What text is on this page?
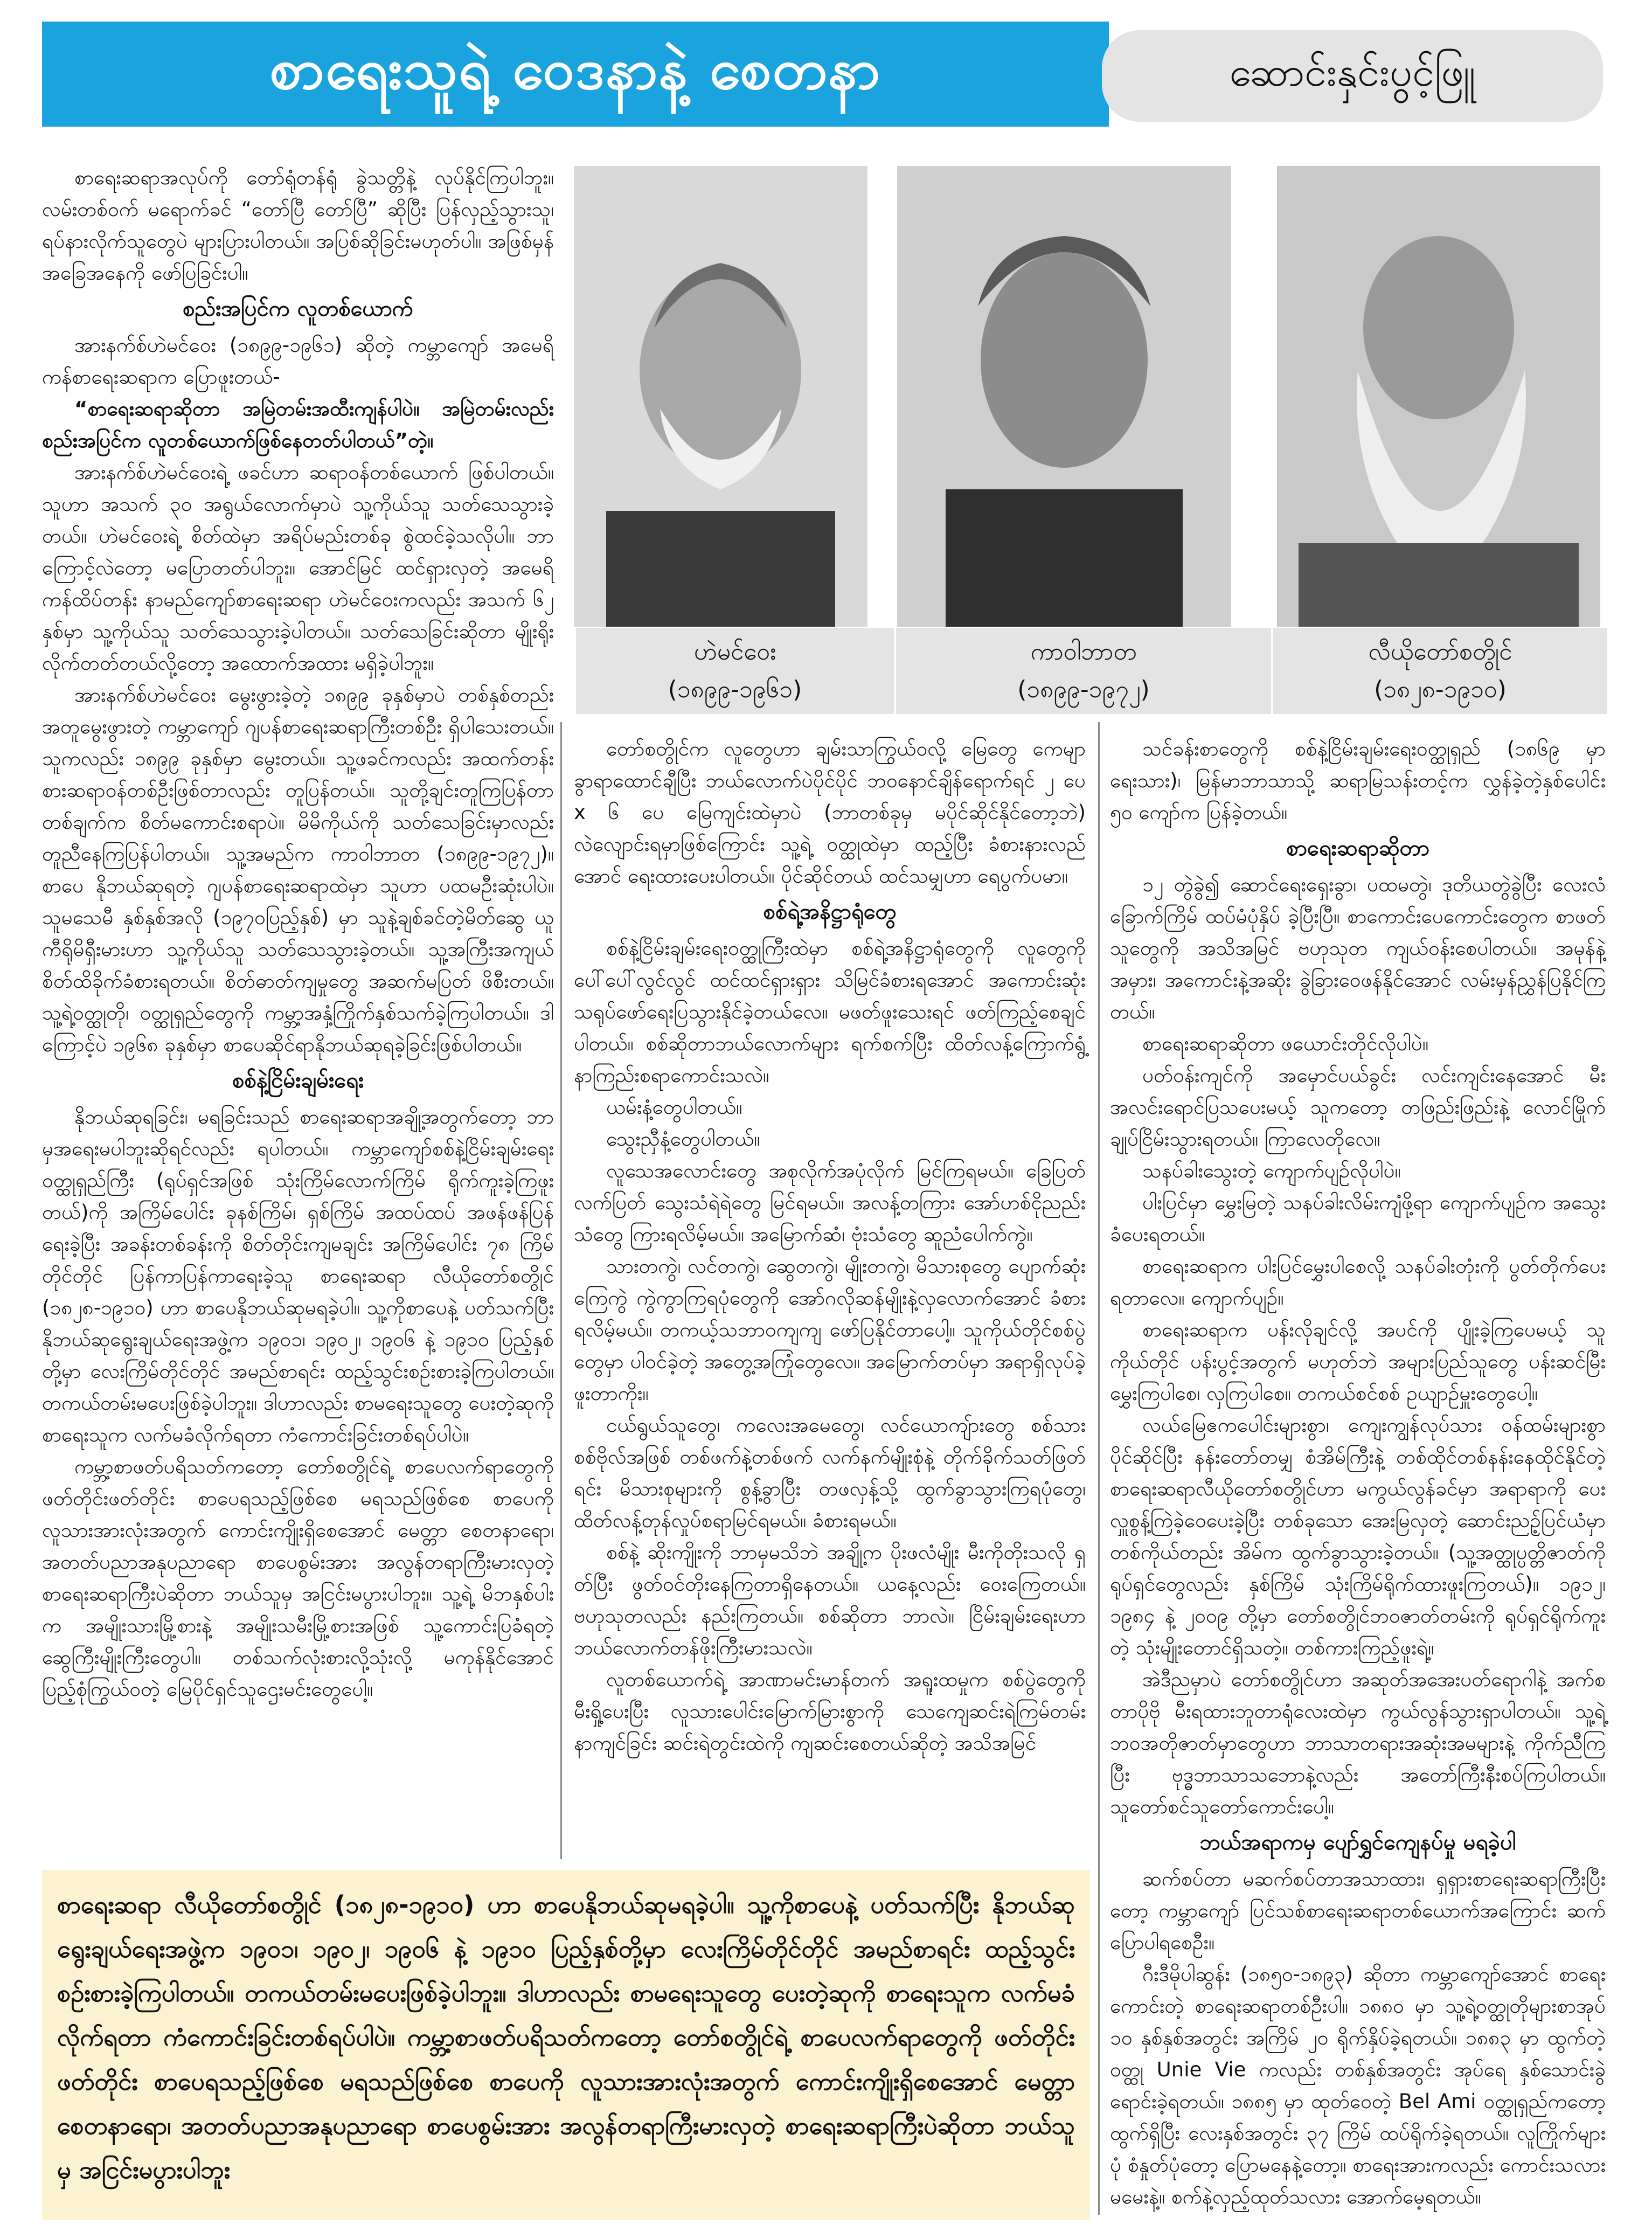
စာရေးသူရဲ့ ဝေဒနာနဲ့ စေတနာ	ဆောင်းနှင်းပွင့်ဖြူ
ဟဲမင်ဝေး
(၁၈၉၉-၁၉၆၁)
ကာဝါဘာတ
(၁၈၉၉-၁၉၇၂)
လီယိုတော်စတွိုင်
(၁၈၂၈-၁၉၁၀)

စာရေးဆရာအလုပ်ကို တော်ရုံတန်ရုံ ခွဲသတ္တိနဲ့ လုပ်နိုင်ကြပါဘူး။ လမ်းတစ်ဝက် မရောက်ခင် “တော်ပြီ တော်ပြီ” ဆိုပြီး ပြန်လှည့်သွားသူ၊ ရပ်နားလိုက်သူတွေပဲ များပြားပါတယ်။ အပြစ်ဆိုခြင်းမဟုတ်ပါ။ အဖြစ်မှန်အခြေအနေကို ဖော်ပြခြင်းပါ။

စည်းအပြင်က လူတစ်ယောက်

အားနက်စ်ဟဲမင်ဝေး (၁၈၉၉-၁၉၆၁) ဆိုတဲ့ ကမ္ဘာကျော် အမေရိကန်စာရေးဆရာက ပြောဖူးတယ်-

“စာရေးဆရာဆိုတာ အမြဲတမ်းအထီးကျန်ပါပဲ။ အမြဲတမ်းလည်း စည်းအပြင်က လူတစ်ယောက်ဖြစ်နေတတ်ပါတယ်”တဲ့။

အားနက်စ်ဟဲမင်ဝေးရဲ့ ဖခင်ဟာ ဆရာဝန်တစ်ယောက် ဖြစ်ပါတယ်။ သူဟာ အသက် ၃၀ အရွယ်လောက်မှာပဲ သူ့ကိုယ်သူ သတ်သေသွားခဲ့တယ်။ ဟဲမင်ဝေးရဲ့ စိတ်ထဲမှာ အရိပ်မည်းတစ်ခု စွဲထင်ခဲ့သလိုပါ။ ဘာကြောင့်လဲတော့ မပြောတတ်ပါဘူး။ အောင်မြင် ထင်ရှားလှတဲ့ အမေရိကန်ထိပ်တန်း နာမည်ကျော်စာရေးဆရာ ဟဲမင်ဝေးကလည်း အသက် ၆၂ နှစ်မှာ သူ့ကိုယ်သူ သတ်သေသွားခဲ့ပါတယ်။ သတ်သေခြင်းဆိုတာ မျိုးရိုးလိုက်တတ်တယ်လို့တော့ အထောက်အထား မရှိခဲ့ပါဘူး။

အားနက်စ်ဟဲမင်ဝေး မွေးဖွားခဲ့တဲ့ ၁၈၉၉ ခုနှစ်မှာပဲ တစ်နှစ်တည်း အတူမွေးဖွားတဲ့ ကမ္ဘာကျော် ဂျပန်စာရေးဆရာကြီးတစ်ဦး ရှိပါသေးတယ်။ သူကလည်း ၁၈၉၉ ခုနှစ်မှာ မွေးတယ်။ သူ့ဖခင်ကလည်း အထက်တန်းစားဆရာဝန်တစ်ဦးဖြစ်တာလည်း တူပြန်တယ်။ သူတို့ချင်းတူကြပြန်တာ တစ်ချက်က စိတ်မကောင်းစရာပဲ။ မိမိကိုယ်ကို သတ်သေခြင်းမှာလည်း တူညီနေကြပြန်ပါတယ်။ သူ့အမည်က ကာဝါဘာတ (၁၈၉၉-၁၉၇၂)။ စာပေ နိုဘယ်ဆုရတဲ့ ဂျပန်စာရေးဆရာထဲမှာ သူဟာ ပထမဦးဆုံးပါပဲ။ သူမသေမီ နှစ်နှစ်အလို (၁၉၇၀ပြည့်နှစ်) မှာ သူနဲ့ချစ်ခင်တဲ့မိတ်ဆွေ ယူကီရိုမိရှီးမားဟာ သူ့ကိုယ်သူ သတ်သေသွားခဲ့တယ်။ သူ့အကြီးအကျယ် စိတ်ထိခိုက်ခံစားရတယ်။ စိတ်ဓာတ်ကျမှုတွေ အဆက်မပြတ် ဖိစီးတယ်။ သူ့ရဲ့ဝတ္ထုတို၊ ဝတ္ထုရှည်တွေကို ကမ္ဘာ့အနှံ့ကြိုက်နှစ်သက်ခဲ့ကြပါတယ်။ ဒါကြောင့်ပဲ ၁၉၆၈ ခုနှစ်မှာ စာပေဆိုင်ရာနိုဘယ်ဆုရခဲ့ခြင်းဖြစ်ပါတယ်။

စစ်နဲ့ငြိမ်းချမ်းရေး

နိုဘယ်ဆုရခြင်း၊ မရခြင်းသည် စာရေးဆရာအချို့အတွက်တော့ ဘာမှအရေးမပါဘူးဆိုရင်လည်း ရပါတယ်။ ကမ္ဘာကျော်စစ်နဲ့ငြိမ်းချမ်းရေး ဝတ္ထုရှည်ကြီး (ရုပ်ရှင်အဖြစ် သုံးကြိမ်လောက်ကြိမ် ရိုက်ကူးခဲ့ကြဖူးတယ်)ကို အကြိမ်ပေါင်း ခုနစ်ကြိမ်၊ ရှစ်ကြိမ် အထပ်ထပ် အဖန်ဖန်ပြန်ရေးခဲ့ပြီး အခန်းတစ်ခန်းကို စိတ်တိုင်းကျမချင်း အကြိမ်ပေါင်း ၇၈ ကြိမ်တိုင်တိုင် ပြန်ကာပြန်ကာရေးခဲ့သူ စာရေးဆရာ လီယိုတော်စတွိုင် (၁၈၂၈-၁၉၁၀) ဟာ စာပေနိုဘယ်ဆုမရခဲ့ပါ။ သူ့ကိုစာပေနဲ့ ပတ်သက်ပြီး နိုဘယ်ဆုရွေးချယ်ရေးအဖွဲ့က ၁၉၀၁၊ ၁၉၀၂၊ ၁၉၀၆ နဲ့ ၁၉၁၀ ပြည့်နှစ်တို့မှာ လေးကြိမ်တိုင်တိုင် အမည်စာရင်း ထည့်သွင်းစဉ်းစားခဲ့ကြပါတယ်။ တကယ်တမ်းမပေးဖြစ်ခဲ့ပါဘူး။ ဒါဟာလည်း စာမရေးသူတွေ ပေးတဲ့ဆုကို စာရေးသူက လက်မခံလိုက်ရတာ ကံကောင်းခြင်းတစ်ရပ်ပါပဲ။

ကမ္ဘာ့စာဖတ်ပရိသတ်ကတော့ တော်စတွိုင်ရဲ့ စာပေလက်ရာတွေကို ဖတ်တိုင်းဖတ်တိုင်း စာပေရသည့်ဖြစ်စေ မရသည်ဖြစ်စေ စာပေကို လူသားအားလုံးအတွက် ကောင်းကျိုးရှိစေအောင် မေတ္တာ စေတနာရော၊ အတတ်ပညာအနုပညာရော စာပေစွမ်းအား အလွန်တရာကြီးမားလှတဲ့ စာရေးဆရာကြီးပဲဆိုတာ ဘယ်သူမှ အငြင်းမပွားပါဘူး။ သူ့ရဲ့ မိဘနှစ်ပါးက အမျိုးသားမြို့စားနဲ့ အမျိုးသမီးမြို့စားအဖြစ် သူ့ကောင်းပြခံရတဲ့ ဆွေကြီးမျိုးကြီးတွေပါ။ တစ်သက်လုံးစားလို့သုံးလို့ မကုန်နိုင်အောင် ပြည့်စုံကြွယ်ဝတဲ့ မြေပိုင်ရှင်သူဌေးမင်းတွေပေါ့။

တော်စတွိုင်က လူတွေဟာ ချမ်းသာကြွယ်ဝလို့ မြေတွေ ကေမျာခွာရာထောင်ချီပြီး ဘယ်လောက်ပဲပိုင်ပိုင် ဘဝနောင်ချိန်ရောက်ရင် ၂ ပေ x ၆ ပေ မြေကျင်းထဲမှာပဲ (ဘာတစ်ခုမှ မပိုင်ဆိုင်နိုင်တော့ဘဲ) လဲလျောင်းရမှာဖြစ်ကြောင်း သူ့ရဲ့ ဝတ္ထုထဲမှာ ထည့်ပြီး ခံစားနားလည်အောင် ရေးထားပေးပါတယ်။ ပိုင်ဆိုင်တယ် ထင်သမျှဟာ ရေပွက်ပမာ။

စစ်ရဲ့အနိဋ္ဌာရုံတွေ

စစ်နဲ့ငြိမ်းချမ်းရေးဝတ္ထုကြီးထဲမှာ စစ်ရဲ့အနိဋ္ဌာရုံတွေကို လူတွေကို ပေါ်ပေါ်လွင်လွင် ထင်ထင်ရှားရှား သိမြင်ခံစားရအောင် အကောင်းဆုံးသရုပ်ဖော်ရေးပြသွားနိုင်ခဲ့တယ်လေ။ မဖတ်ဖူးသေးရင် ဖတ်ကြည့်စေချင်ပါတယ်။ စစ်ဆိုတာဘယ်လောက်များ ရက်စက်ပြီး ထိတ်လန့်ကြောက်ရွံ့ နာကြည်းစရာကောင်းသလဲ။

ယမ်းနံ့တွေပါတယ်။

သွေးညှီနံ့တွေပါတယ်။

လူသေအလောင်းတွေ အစုလိုက်အပုံလိုက် မြင်ကြရမယ်။ ခြေပြတ်လက်ပြတ် သွေးသံရဲရဲတွေ မြင်ရမယ်။ အလန့်တကြား အော်ဟစ်ငိုညည်းသံတွေ ကြားရလိမ့်မယ်။ အမြောက်ဆံ၊ ဗုံးသံတွေ ဆူညံပေါက်ကွဲ။

သားတကွဲ၊ လင်တကွဲ၊ ဆွေတကွဲ၊ မျိုးတကွဲ၊ မိသားစုတွေ ပျောက်ဆုံးကြေကွဲ ကွဲကွာကြရပုံတွေကို အော်ဂလိုဆန်မျိုးနဲ့လှလောက်အောင် ခံစားရလိမ့်မယ်။ တကယ့်သဘာဝကျကျ ဖော်ပြနိုင်တာပေါ့။ သူကိုယ်တိုင်စစ်ပွဲတွေမှာ ပါဝင်ခဲ့တဲ့ အတွေ့အကြုံတွေလေ။ အမြောက်တပ်မှာ အရာရှိလုပ်ခဲ့ဖူးတာကိုး။

ငယ်ရွယ်သူတွေ၊ ကလေးအမေတွေ၊ လင်ယောကျ်ားတွေ စစ်သားစစ်ဗိုလ်အဖြစ် တစ်ဖက်နဲ့တစ်ဖက် လက်နက်မျိုးစုံနဲ့ တိုက်ခိုက်သတ်ဖြတ်ရင်း မိသားစုများကို စွန့်ခွာပြီး တဖလှန့်သို့ ထွက်ခွာသွားကြရပုံတွေ၊ ထိတ်လန့်တုန်လှုပ်စရာမြင်ရမယ်။ ခံစားရမယ်။

စစ်နဲ့ ဆိုးကျိုးကို ဘာမှမသိဘဲ အချို့က ပိုးဖလံမျိုး မီးကိုတိုးသလို ရှတ်ပြီး ဖွတ်ဝင်တိုးနေကြတာရှိနေတယ်။ ယနေ့လည်း ဝေးကြေတယ်။ ဗဟုသုတလည်း နည်းကြတယ်။ စစ်ဆိုတာ ဘာလဲ။ ငြိမ်းချမ်းရေးဟာ ဘယ်လောက်တန်ဖိုးကြီးမားသလဲ။

လူတစ်ယောက်ရဲ့ အာဏာမင်းမာန်တက် အရူးထမှုက စစ်ပွဲတွေကို မီးရှို့ပေးပြီး လူသားပေါင်းမြောက်မြားစွာကို သေကျေဆင်းရဲကြမ်တမ်းနာကျင်ခြင်း ဆင်းရဲတွင်းထဲကို ကျဆင်းစေတယ်ဆိုတဲ့ အသိအမြင်

သင်ခန်းစာတွေကို စစ်နဲ့ငြိမ်းချမ်းရေးဝတ္ထုရှည် (၁၈၆၉ မှာ ရေးသား)၊ မြန်မာဘာသာသို့ ဆရာမြသန်းတင့်က လွှန်ခဲ့တဲ့နှစ်ပေါင်း ၅၀ ကျော်က ပြန်ခဲ့တယ်။

စာရေးဆရာဆိုတာ

၁၂ တွဲခွဲ၍ ဆောင်ရေးရှေးခွာ၊ ပထမတွဲ၊ ဒုတိယတွဲခွဲပြီး လေးလံခြောက်ကြိမ် ထပ်မံပုံနှိပ် ခဲ့ပြီးပြီ။ စာကောင်းပေကောင်းတွေက စာဖတ်သူတွေကို အသိအမြင် ဗဟုသုတ ကျယ်ဝန်းစေပါတယ်။ အမုန်နဲ့ အမှား၊ အကောင်းနဲ့အဆိုး ခွဲခြားဝေဖန်နိုင်အောင် လမ်းမှန်ညွှန်ပြနိုင်ကြတယ်။

စာရေးဆရာဆိုတာ ဖယောင်းတိုင်လိုပါပဲ။

ပတ်ဝန်းကျင်ကို အမှောင်ပယ်ခွင်း လင်းကျင်းနေအောင် မီးအလင်းရောင်ပြသပေးမယ့် သူကတော့ တဖြည်းဖြည်းနဲ့ လောင်မြိုက်ချုပ်ငြိမ်းသွားရတယ်။ ကြာလေတိုလေ။

သနပ်ခါးသွေးတဲ့ ကျောက်ပျဉ်လိုပါပဲ။

ပါးပြင်မှာ မွှေးမြတဲ့ သနပ်ခါးလိမ်းကျံဖို့ရာ ကျောက်ပျဉ်က အသွေးခံပေးရတယ်။

စာရေးဆရာက ပါးပြင်မွှေးပါစေလို့ သနပ်ခါးတုံးကို ပွတ်တိုက်ပေးရတာလေ။ ကျောက်ပျဉ်။

စာရေးဆရာက ပန်းလိုချင်လို့ အပင်ကို ပျိုးခဲ့ကြပေမယ့် သူကိုယ်တိုင် ပန်းပွင့်အတွက် မဟုတ်ဘဲ အများပြည်သူတွေ ပန်းဆင်မြီး မွှေးကြပါစေ၊ လှကြပါစေ။ တကယ်စင်စစ် ဥယျာဉ်မှူးတွေပေါ့။

လယ်မြေဧကပေါင်းများစွာ၊ ကျေးကျွန်လုပ်သား ဝန်ထမ်းများစွာ ပိုင်ဆိုင်ပြီး နန်းတော်တမျှ စံအိမ်ကြီးနဲ့ တစ်ထိုင်တစ်နန်းနေထိုင်နိုင်တဲ့ စာရေးဆရာလီယိုတော်စတွိုင်ဟာ မကွယ်လွန်ခင်မှာ အရာရာကို ပေးလှူစွန့်ကြဲခဲ့ဝေပေးခဲ့ပြီး တစ်ခုသော အေးမြလှတဲ့ ဆောင်းညဉ့်ပြင်ယံမှာ တစ်ကိုယ်တည်း အိမ်က ထွက်ခွာသွားခဲ့တယ်။ (သူ့အတ္ထုပ္ပတ္တိဇာတ်ကို ရုပ်ရှင်တွေလည်း နှစ်ကြိမ် သုံးကြိမ်ရိုက်ထားဖူးကြတယ်)။ ၁၉၁၂၊ ၁၉၈၄ နဲ့ ၂၀၀၉ တို့မှာ တော်စတွိုင်ဘဝဇာတ်တမ်းကို ရုပ်ရှင်ရိုက်ကူးတဲ့ သုံးမျိုးတောင်ရှိသတဲ့။ တစ်ကားကြည့်ဖူးရဲ့။

အဲဒီညမှာပဲ တော်စတွိုင်ဟာ အဆုတ်အအေးပတ်ရောဂါနဲ့ အက်စတာပိုဗို မီးရထားဘူတာရုံလေးထဲမှာ ကွယ်လွန်သွားရှာပါတယ်။ သူ့ရဲ့ဘဝအတိုဇာတ်မှာတွေဟာ ဘာသာတရားအဆုံးအမများနဲ့ ကိုက်ညီကြပြီး ဗုဒ္ဓဘာသာသဘောနဲ့လည်း အတော်ကြီးနီးစပ်ကြပါတယ်။ သူတော်စင်သူတော်ကောင်းပေါ့။

ဘယ်အရာကမှ ပျော်ရွှင်ကျေနပ်မှု မရခဲ့ပါ

ဆက်စပ်တာ မဆက်စပ်တာအသာထား၊ ရှရှားစာရေးဆရာကြီးပြီးတော့ ကမ္ဘာကျော် ပြင်သစ်စာရေးဆရာတစ်ယောက်အကြောင်း ဆက်ပြောပါရစေဦး။

ဂီးဒီမိုပါဆွန်း (၁၈၅၀-၁၈၉၃) ဆိုတာ ကမ္ဘာကျော်အောင် စာရေးကောင်းတဲ့ စာရေးဆရာတစ်ဦးပါ။ ၁၈၈၀ မှာ သူ့ရဲ့ဝတ္ထုတိုများစာအုပ် ၁၀ နှစ်နှစ်အတွင်း အကြိမ် ၂၀ ရိုက်နှိပ်ခဲ့ရတယ်။ ၁၈၈၃ မှာ ထွက်တဲ့ဝတ္ထု Unie Vie ကလည်း တစ်နှစ်အတွင်း အုပ်ရေ နှစ်သောင်းခွဲရောင်းခဲ့ရတယ်။ ၁၈၈၅ မှာ ထုတ်ဝေတဲ့ Bel Ami ဝတ္ထုရှည်ကတော့ ထွက်ရှိပြီး လေးနှစ်အတွင်း ၃၇ ကြိမ် ထပ်ရိုက်ခဲ့ရတယ်။ လူကြိုက်များပုံ စံနှုတ်ပုံတော့ ပြောမနေနဲ့တော့။ စာရေးအားကလည်း ကောင်းသလားမမေးနဲ့။ စက်နဲ့လှည့်ထုတ်သလား အောက်မေ့ရတယ်။

စာရေးဆရာ လီယိုတော်စတွိုင် (၁၈၂၈-၁၉၁၀) ဟာ စာပေနိုဘယ်ဆုမရခဲ့ပါ။ သူ့ကိုစာပေနဲ့ ပတ်သက်ပြီး နိုဘယ်ဆုရွေးချယ်ရေးအဖွဲ့က ၁၉၀၁၊ ၁၉၀၂၊ ၁၉၀၆ နဲ့ ၁၉၁၀ ပြည့်နှစ်တို့မှာ လေးကြိမ်တိုင်တိုင် အမည်စာရင်း ထည့်သွင်းစဉ်းစားခဲ့ကြပါတယ်။ တကယ်တမ်းမပေးဖြစ်ခဲ့ပါဘူး။ ဒါဟာလည်း စာမရေးသူတွေ ပေးတဲ့ဆုကို စာရေးသူက လက်မခံလိုက်ရတာ ကံကောင်းခြင်းတစ်ရပ်ပါပဲ။ ကမ္ဘာ့စာဖတ်ပရိသတ်ကတော့ တော်စတွိုင်ရဲ့ စာပေလက်ရာတွေကို ဖတ်တိုင်းဖတ်တိုင်း စာပေရသည့်ဖြစ်စေ မရသည်ဖြစ်စေ စာပေကို လူသားအားလုံးအတွက် ကောင်းကျိုးရှိစေအောင် မေတ္တာ စေတနာရော၊ အတတ်ပညာအနုပညာရော စာပေစွမ်းအား အလွန်တရာကြီးမားလှတဲ့ စာရေးဆရာကြီးပဲဆိုတာ ဘယ်သူမှ အငြင်းမပွားပါဘူး
